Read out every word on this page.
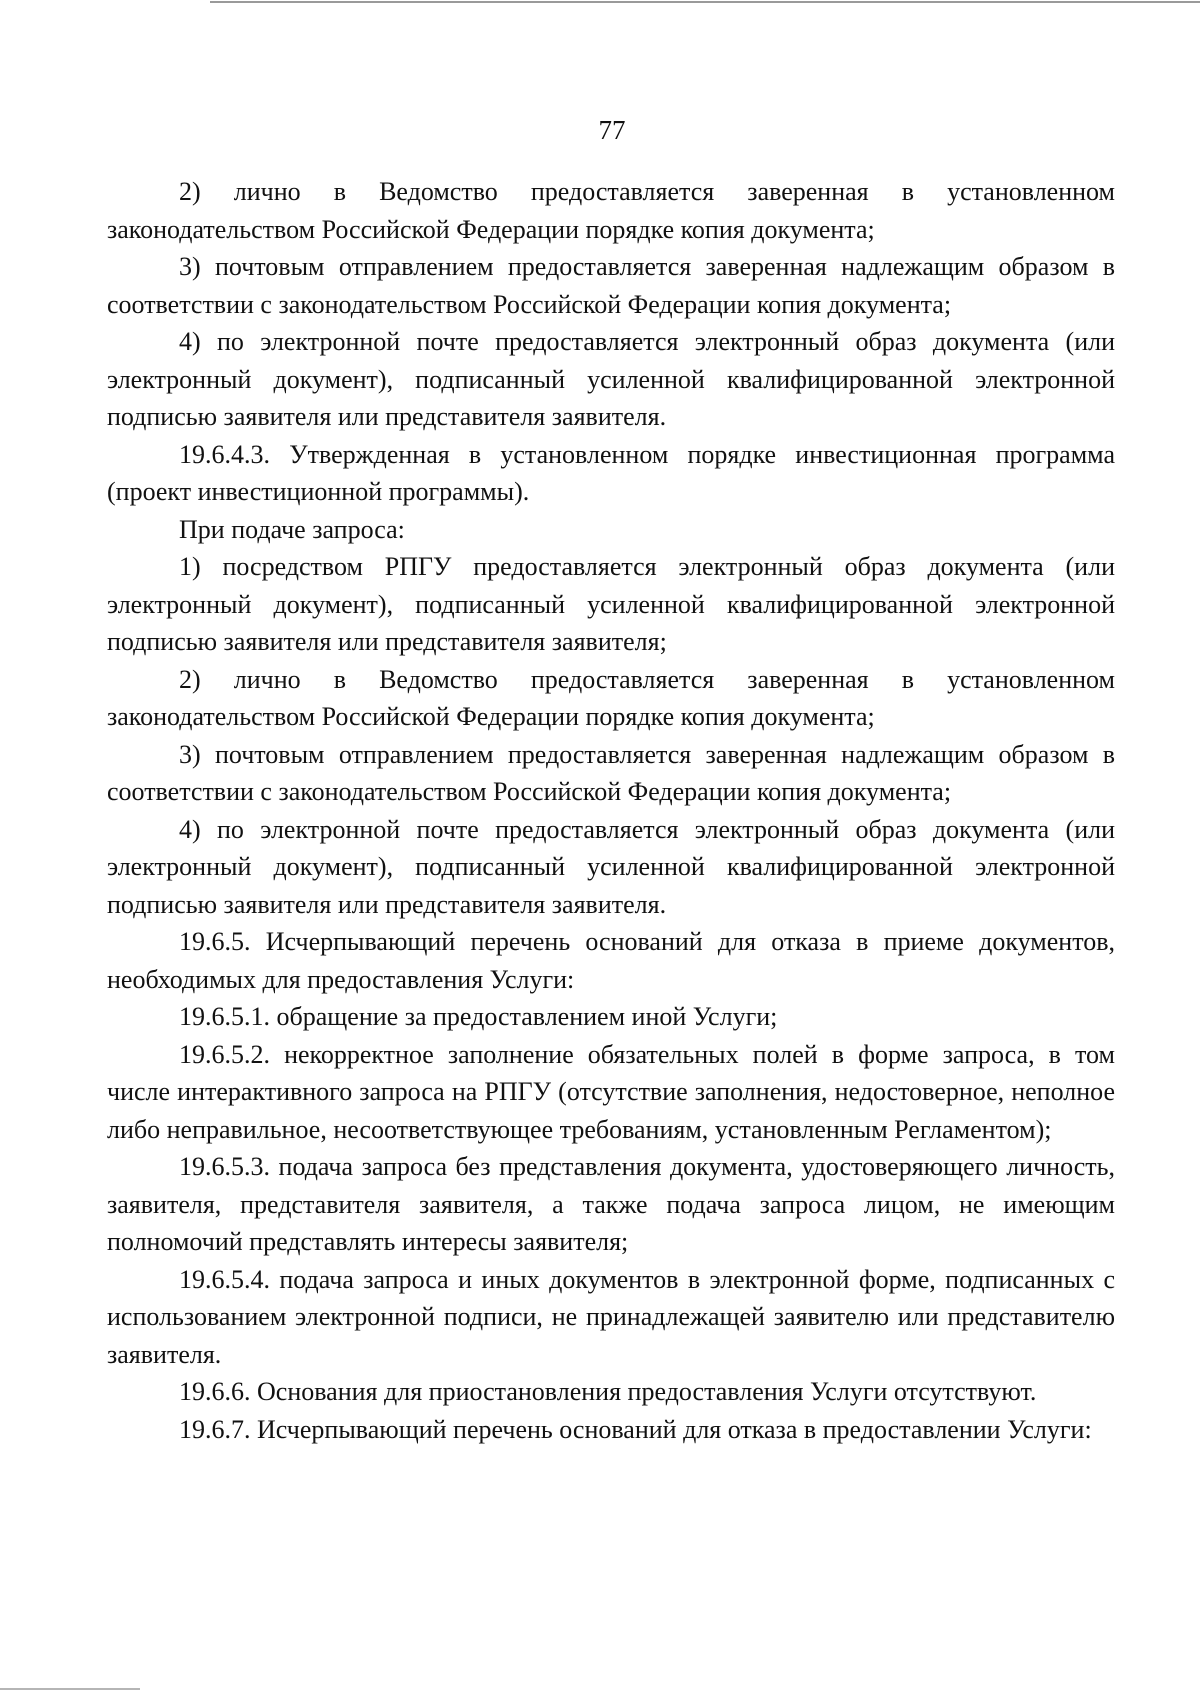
77

2) лично в Ведомство предоставляется заверенная в установленном законодательством Российской Федерации порядке копия документа;

3) почтовым отправлением предоставляется заверенная надлежащим образом в соответствии с законодательством Российской Федерации копия документа;

4) по электронной почте предоставляется электронный образ документа (или электронный документ), подписанный усиленной квалифицированной электронной подписью заявителя или представителя заявителя.

19.6.4.3. Утвержденная в установленном порядке инвестиционная программа (проект инвестиционной программы).

При подаче запроса:

1) посредством РПГУ предоставляется электронный образ документа (или электронный документ), подписанный усиленной квалифицированной электронной подписью заявителя или представителя заявителя;

2) лично в Ведомство предоставляется заверенная в установленном законодательством Российской Федерации порядке копия документа;

3) почтовым отправлением предоставляется заверенная надлежащим образом в соответствии с законодательством Российской Федерации копия документа;

4) по электронной почте предоставляется электронный образ документа (или электронный документ), подписанный усиленной квалифицированной электронной подписью заявителя или представителя заявителя.

19.6.5. Исчерпывающий перечень оснований для отказа в приеме документов, необходимых для предоставления Услуги:

19.6.5.1. обращение за предоставлением иной Услуги;

19.6.5.2. некорректное заполнение обязательных полей в форме запроса, в том числе интерактивного запроса на РПГУ (отсутствие заполнения, недостоверное, неполное либо неправильное, несоответствующее требованиям, установленным Регламентом);

19.6.5.3. подача запроса без представления документа, удостоверяющего личность, заявителя, представителя заявителя, а также подача запроса лицом, не имеющим полномочий представлять интересы заявителя;

19.6.5.4. подача запроса и иных документов в электронной форме, подписанных с использованием электронной подписи, не принадлежащей заявителю или представителю заявителя.

19.6.6. Основания для приостановления предоставления Услуги отсутствуют.

19.6.7. Исчерпывающий перечень оснований для отказа в предоставлении Услуги:
